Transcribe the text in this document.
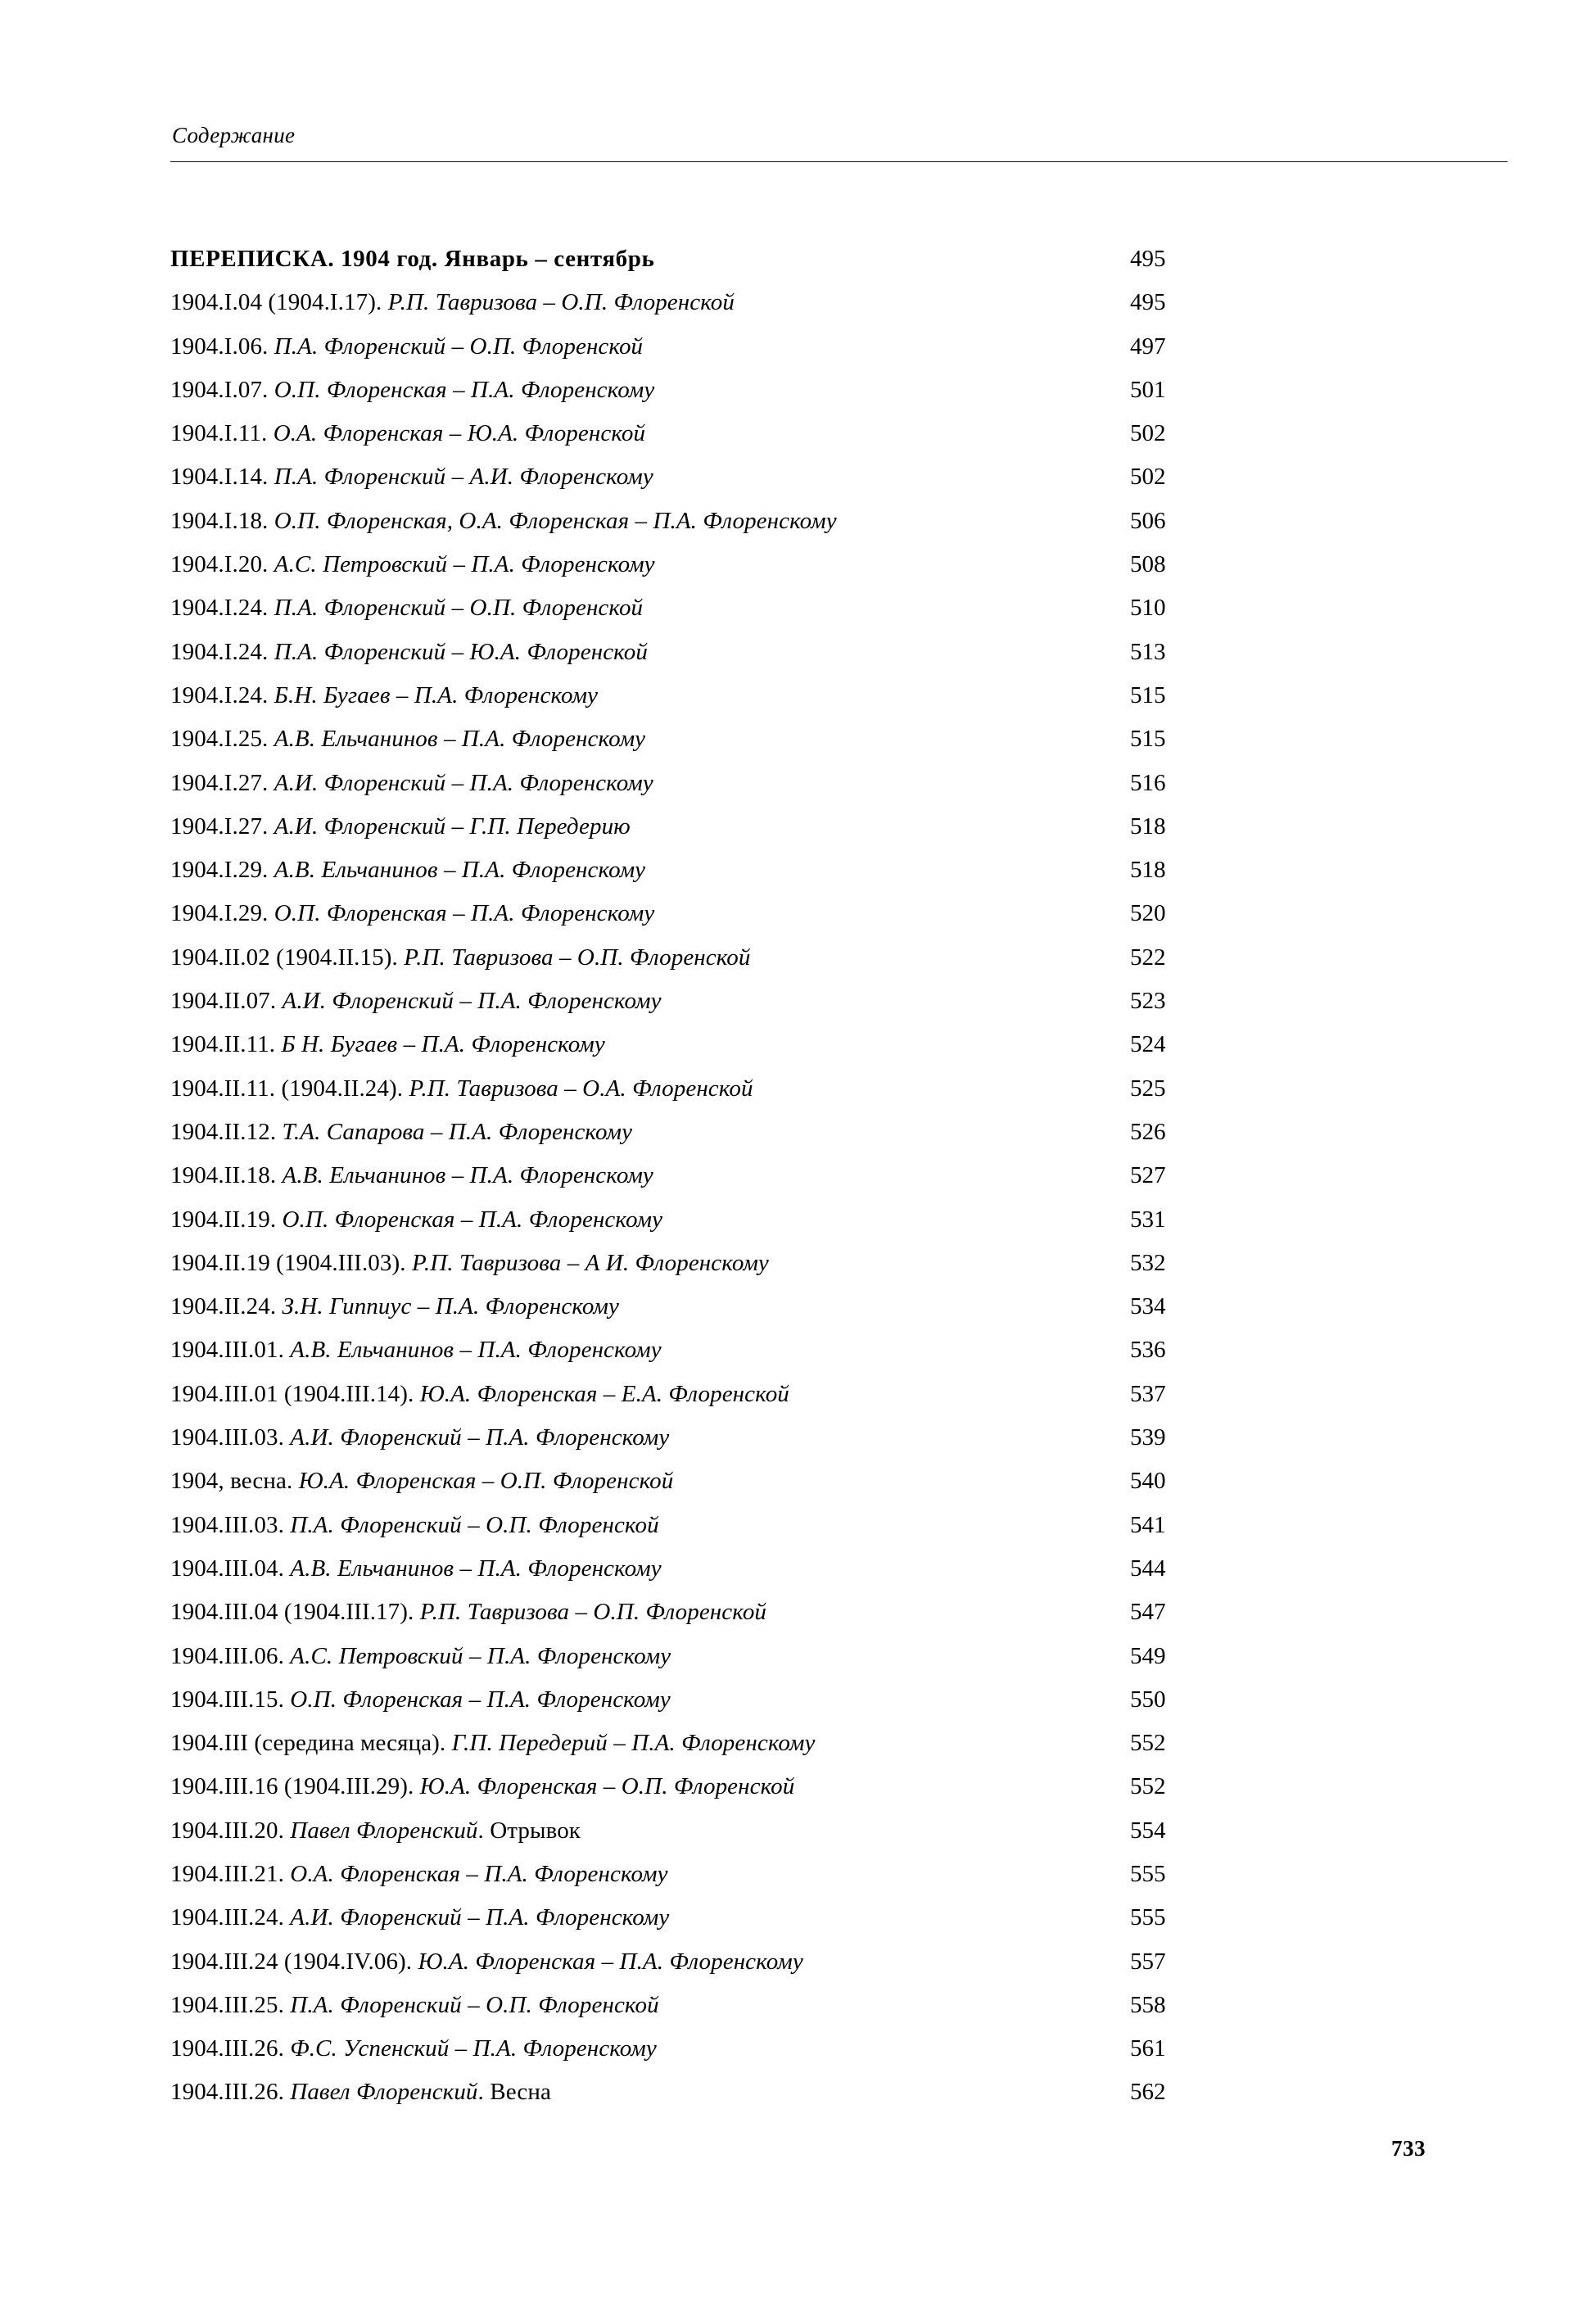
Содержание
ПЕРЕПИСКА. 1904 год. Январь – сентябрь	495
1904.I.04 (1904.I.17). Р.П. Тавризова – О.П. Флоренской	495
1904.I.06. П.А. Флоренский – О.П. Флоренской	497
1904.I.07. О.П. Флоренская – П.А. Флоренскому	501
1904.I.11. О.А. Флоренская – Ю.А. Флоренской	502
1904.I.14. П.А. Флоренский – А.И. Флоренскому	502
1904.I.18. О.П. Флоренская, О.А. Флоренская – П.А. Флоренскому	506
1904.I.20. А.С. Петровский – П.А. Флоренскому	508
1904.I.24. П.А. Флоренский – О.П. Флоренской	510
1904.I.24. П.А. Флоренский – Ю.А. Флоренской	513
1904.I.24. Б.Н. Бугаев – П.А. Флоренскому	515
1904.I.25. А.В. Ельчанинов – П.А. Флоренскому	515
1904.I.27. А.И. Флоренский – П.А. Флоренскому	516
1904.I.27. А.И. Флоренский – Г.П. Передерию	518
1904.I.29. А.В. Ельчанинов – П.А. Флоренскому	518
1904.I.29. О.П. Флоренская – П.А. Флоренскому	520
1904.II.02 (1904.II.15). Р.П. Тавризова – О.П. Флоренской	522
1904.II.07. А.И. Флоренский – П.А. Флоренскому	523
1904.II.11. Б Н. Бугаев – П.А. Флоренскому	524
1904.II.11. (1904.II.24). Р.П. Тавризова – О.А. Флоренской	525
1904.II.12. Т.А. Сапарова – П.А. Флоренскому	526
1904.II.18. А.В. Ельчанинов – П.А. Флоренскому	527
1904.II.19. О.П. Флоренская – П.А. Флоренскому	531
1904.II.19 (1904.III.03). Р.П. Тавризова – А И. Флоренскому	532
1904.II.24. З.Н. Гиппиус – П.А. Флоренскому	534
1904.III.01. А.В. Ельчанинов – П.А. Флоренскому	536
1904.III.01 (1904.III.14). Ю.А. Флоренская – Е.А. Флоренской	537
1904.III.03. А.И. Флоренский – П.А. Флоренскому	539
1904, весна. Ю.А. Флоренская – О.П. Флоренской	540
1904.III.03. П.А. Флоренский – О.П. Флоренской	541
1904.III.04. А.В. Ельчанинов – П.А. Флоренскому	544
1904.III.04 (1904.III.17). Р.П. Тавризова – О.П. Флоренской	547
1904.III.06. А.С. Петровский – П.А. Флоренскому	549
1904.III.15. О.П. Флоренская – П.А. Флоренскому	550
1904.III (середина месяца). Г.П. Передерий – П.А. Флоренскому	552
1904.III.16 (1904.III.29). Ю.А. Флоренская – О.П. Флоренской	552
1904.III.20. Павел Флоренский. Отрывок	554
1904.III.21. О.А. Флоренская – П.А. Флоренскому	555
1904.III.24. А.И. Флоренский – П.А. Флоренскому	555
1904.III.24 (1904.IV.06). Ю.А. Флоренская – П.А. Флоренскому	557
1904.III.25. П.А. Флоренский – О.П. Флоренской	558
1904.III.26. Ф.С. Успенский – П.А. Флоренскому	561
1904.III.26. Павел Флоренский. Весна	562
733
